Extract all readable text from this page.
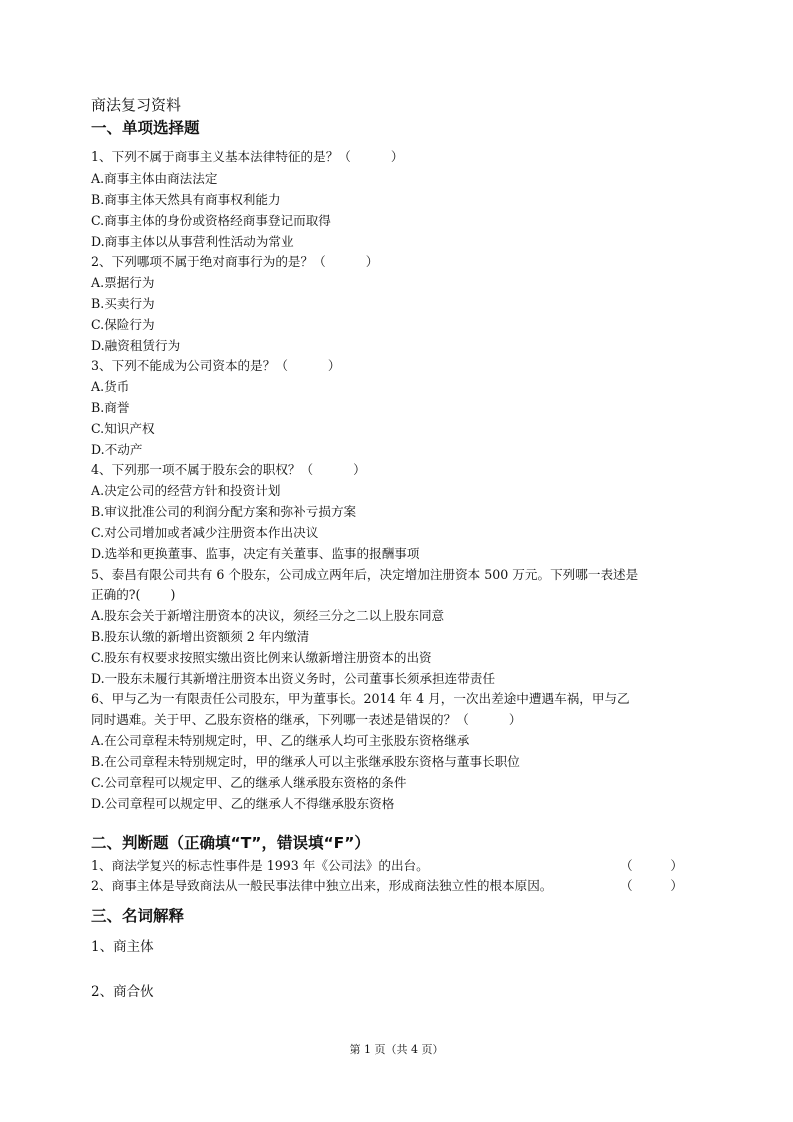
商法复习资料
一、单项选择题
1、下列不属于商事主义基本法律特征的是？（	）
A.商事主体由商法法定
B.商事主体天然具有商事权利能力
C.商事主体的身份或资格经商事登记而取得
D.商事主体以从事营利性活动为常业
2、下列哪项不属于绝对商事行为的是？（	）
A.票据行为
B.买卖行为
C.保险行为
D.融资租赁行为
3、下列不能成为公司资本的是？（	）
A.货币
B.商誉
C.知识产权
D.不动产
4、下列那一项不属于股东会的职权？（	）
A.决定公司的经营方针和投资计划
B.审议批准公司的利润分配方案和弥补亏损方案
C.对公司增加或者减少注册资本作出决议
D.选举和更换董事、监事，决定有关董事、监事的报酬事项
5、泰昌有限公司共有 6 个股东，公司成立两年后，决定增加注册资本 500 万元。下列哪一表述是
正确的?( )
A.股东会关于新增注册资本的决议，须经三分之二以上股东同意
B.股东认缴的新增出资额须 2 年内缴清
C.股东有权要求按照实缴出资比例来认缴新增注册资本的出资
D.一股东未履行其新增注册资本出资义务时，公司董事长须承担连带责任
6、甲与乙为一有限责任公司股东，甲为董事长。2014 年 4 月，一次出差途中遭遇车祸，甲与乙
同时遇难。关于甲、乙股东资格的继承，下列哪一表述是错误的？（	）
A.在公司章程未特别规定时，甲、乙的继承人均可主张股东资格继承
B.在公司章程未特别规定时，甲的继承人可以主张继承股东资格与董事长职位
C.公司章程可以规定甲、乙的继承人继承股东资格的条件
D.公司章程可以规定甲、乙的继承人不得继承股东资格
二、判断题（正确填“T”，错误填“F”）
1、商法学复兴的标志性事件是 1993 年《公司法》的出台。	（　　　）
2、商事主体是导致商法从一般民事法律中独立出来，形成商法独立性的根本原因。	（　　　）
三、名词解释
1、商主体
2、商合伙
第 1 页（共 4 页）
